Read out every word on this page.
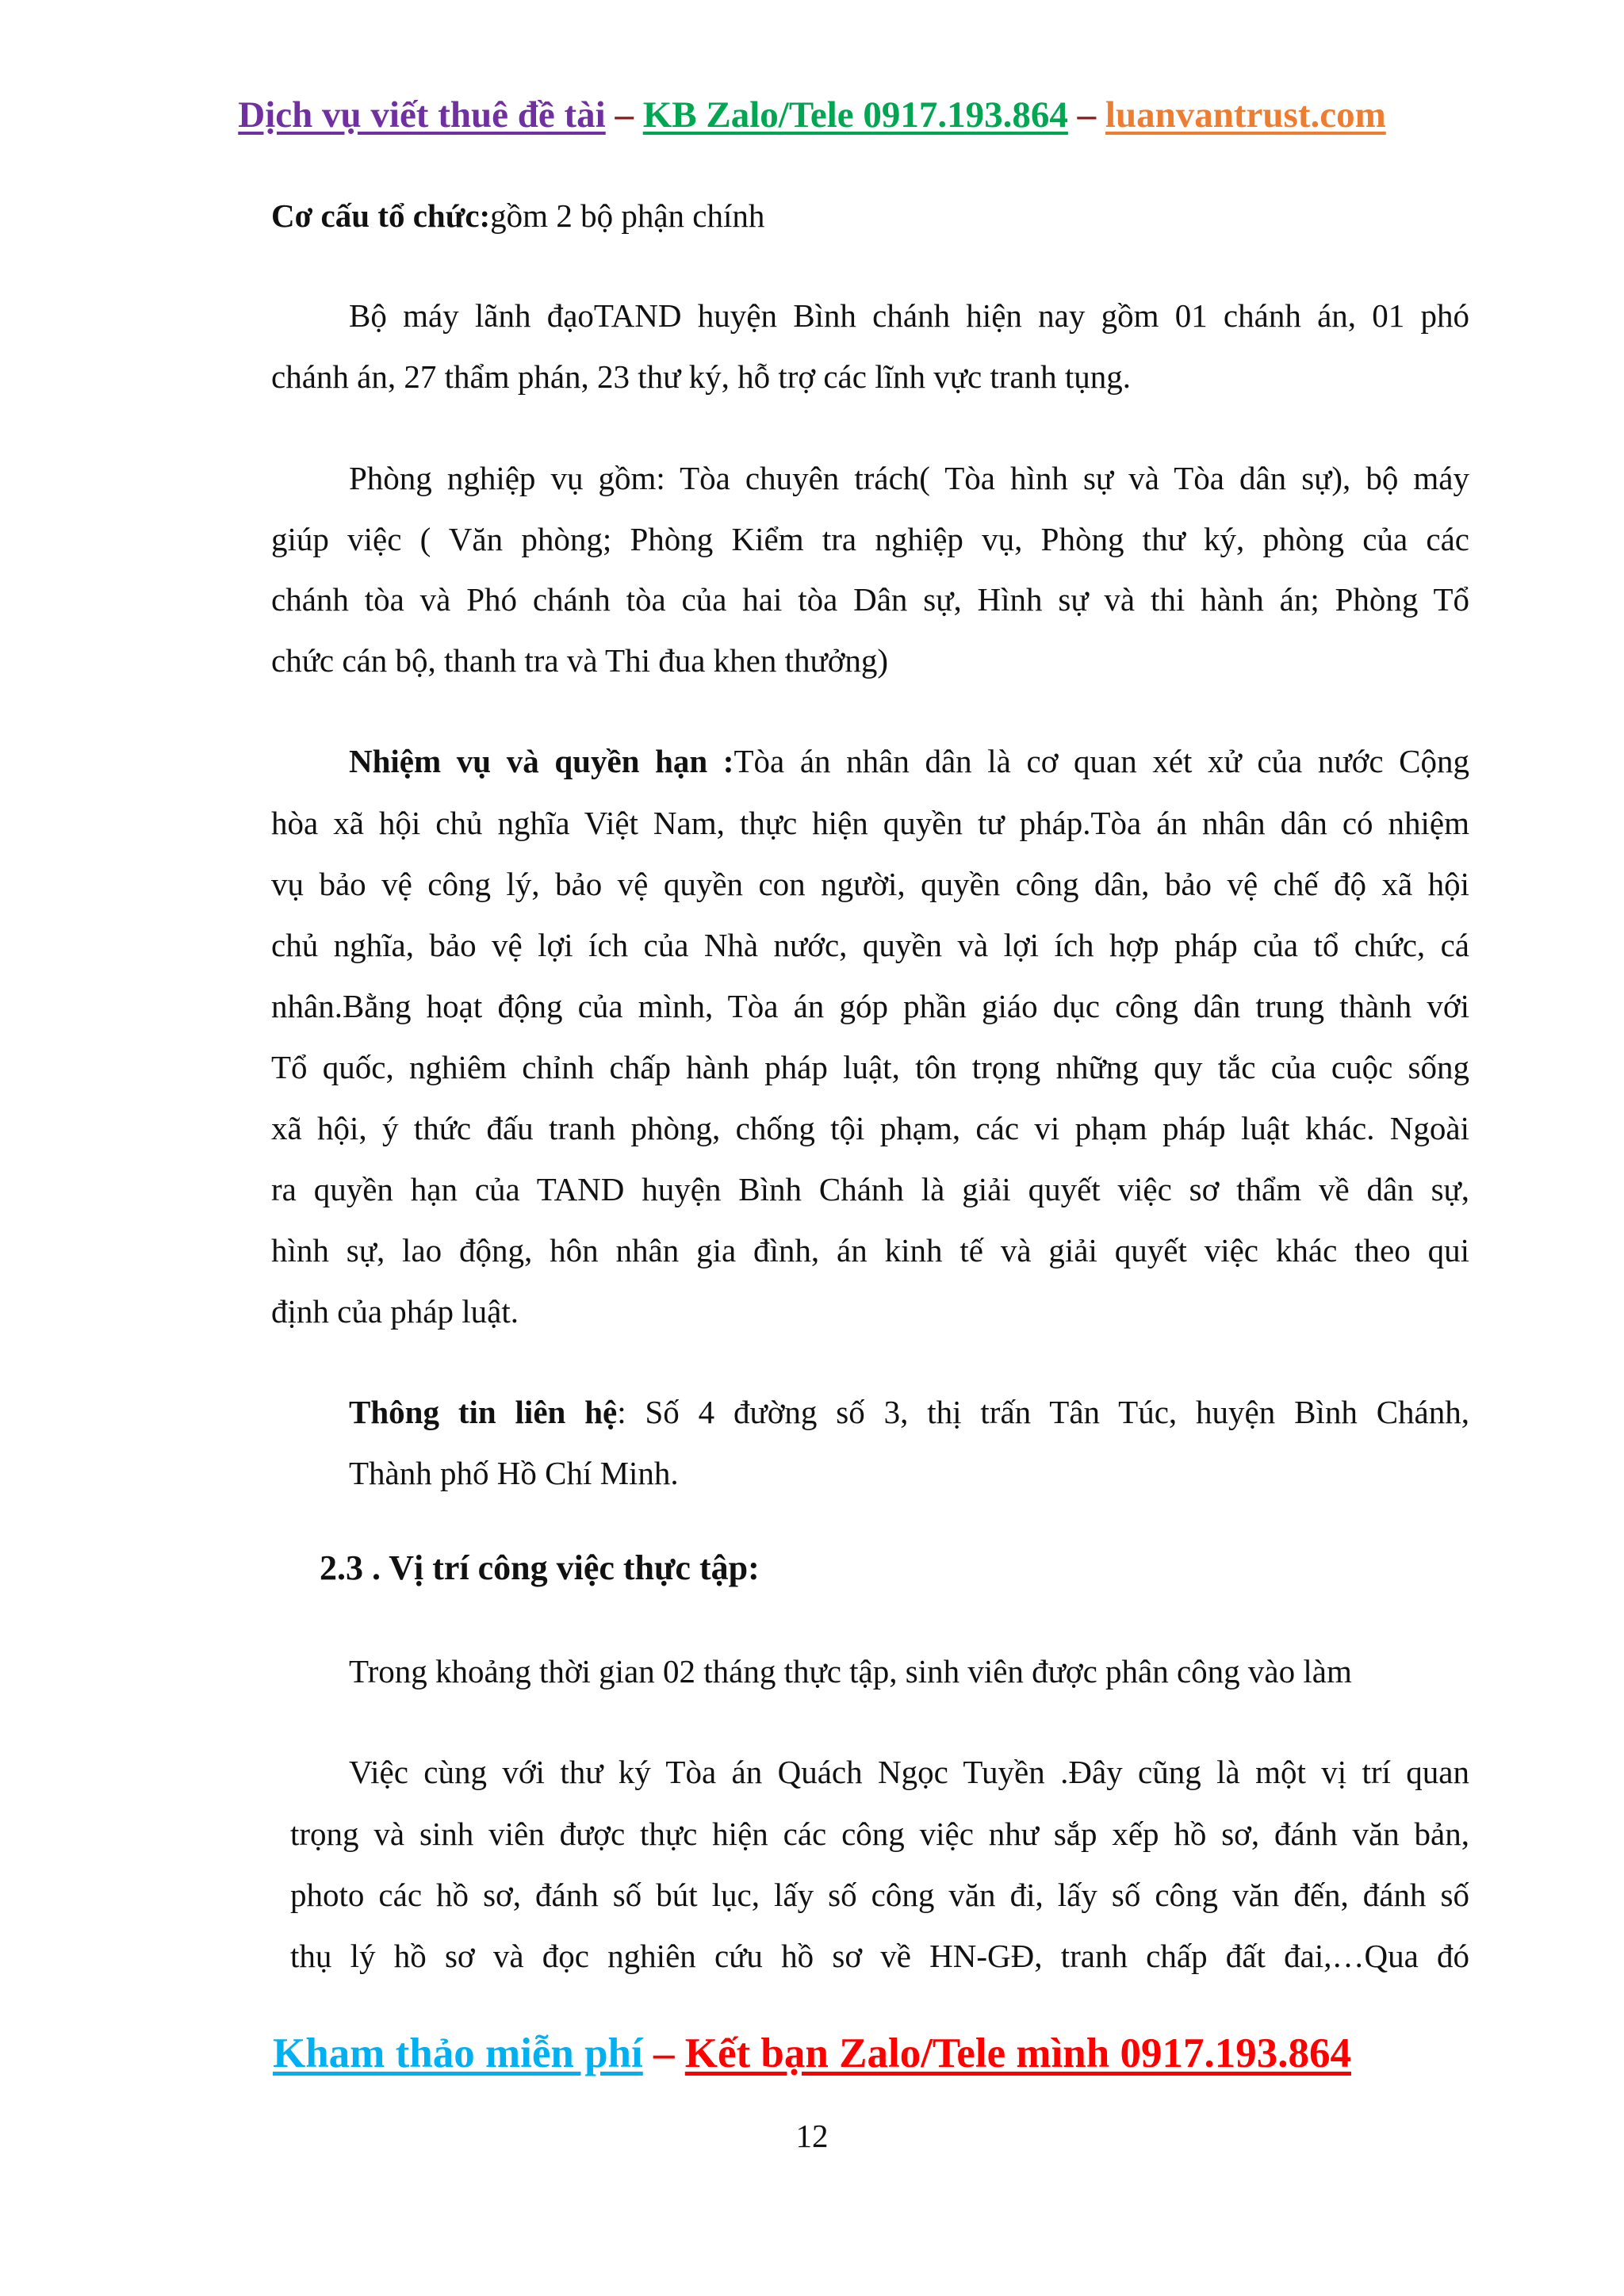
Dịch vụ viết thuê đề tài – KB Zalo/Tele 0917.193.864 – luanvantrust.com
Cơ cấu tổ chức:gồm 2 bộ phận chính
Bộ máy lãnh đạoTAND huyện Bình chánh hiện nay gồm 01 chánh án, 01 phó
chánh án, 27 thẩm phán, 23 thư ký, hỗ trợ các lĩnh vực tranh tụng.
Phòng nghiệp vụ gồm: Tòa chuyên trách( Tòa hình sự và Tòa dân sự), bộ máy
giúp việc ( Văn phòng; Phòng Kiểm tra nghiệp vụ, Phòng thư ký, phòng của các
chánh tòa và Phó chánh tòa của hai tòa Dân sự, Hình sự và thi hành án; Phòng Tổ
chức cán bộ, thanh tra và Thi đua khen thưởng)
Nhiệm vụ và quyền hạn :Tòa án nhân dân là cơ quan xét xử của nước Cộng
hòa xã hội chủ nghĩa Việt Nam, thực hiện quyền tư pháp.Tòa án nhân dân có nhiệm
vụ bảo vệ công lý, bảo vệ quyền con người, quyền công dân, bảo vệ chế độ xã hội
chủ nghĩa, bảo vệ lợi ích của Nhà nước, quyền và lợi ích hợp pháp của tổ chức, cá
nhân.Bằng hoạt động của mình, Tòa án góp phần giáo dục công dân trung thành với
Tổ quốc, nghiêm chỉnh chấp hành pháp luật, tôn trọng những quy tắc của cuộc sống
xã hội, ý thức đấu tranh phòng, chống tội phạm, các vi phạm pháp luật khác. Ngoài
ra quyền hạn của TAND huyện Bình Chánh là giải quyết việc sơ thẩm về dân sự,
hình sự, lao động, hôn nhân gia đình, án kinh tế và giải quyết việc khác theo qui
định của pháp luật.
Thông tin liên hệ: Số 4 đường số 3, thị trấn Tân Túc, huyện Bình Chánh,
Thành phố Hồ Chí Minh.
2.3 . Vị trí công việc thực tập:
Trong khoảng thời gian 02 tháng thực tập, sinh viên được phân công vào làm
Việc cùng với thư ký Tòa án Quách Ngọc Tuyền .Đây cũng là một vị trí quan
trọng và sinh viên được thực hiện các công việc như sắp xếp hồ sơ, đánh văn bản,
photo các hồ sơ, đánh số bút lục, lấy số công văn đi, lấy số công văn đến, đánh số
thụ lý hồ sơ và đọc nghiên cứu hồ sơ về HN-GĐ, tranh chấp đất đai,…Qua đó
Kham thảo miễn phí – Kết bạn Zalo/Tele mình 0917.193.864
12
